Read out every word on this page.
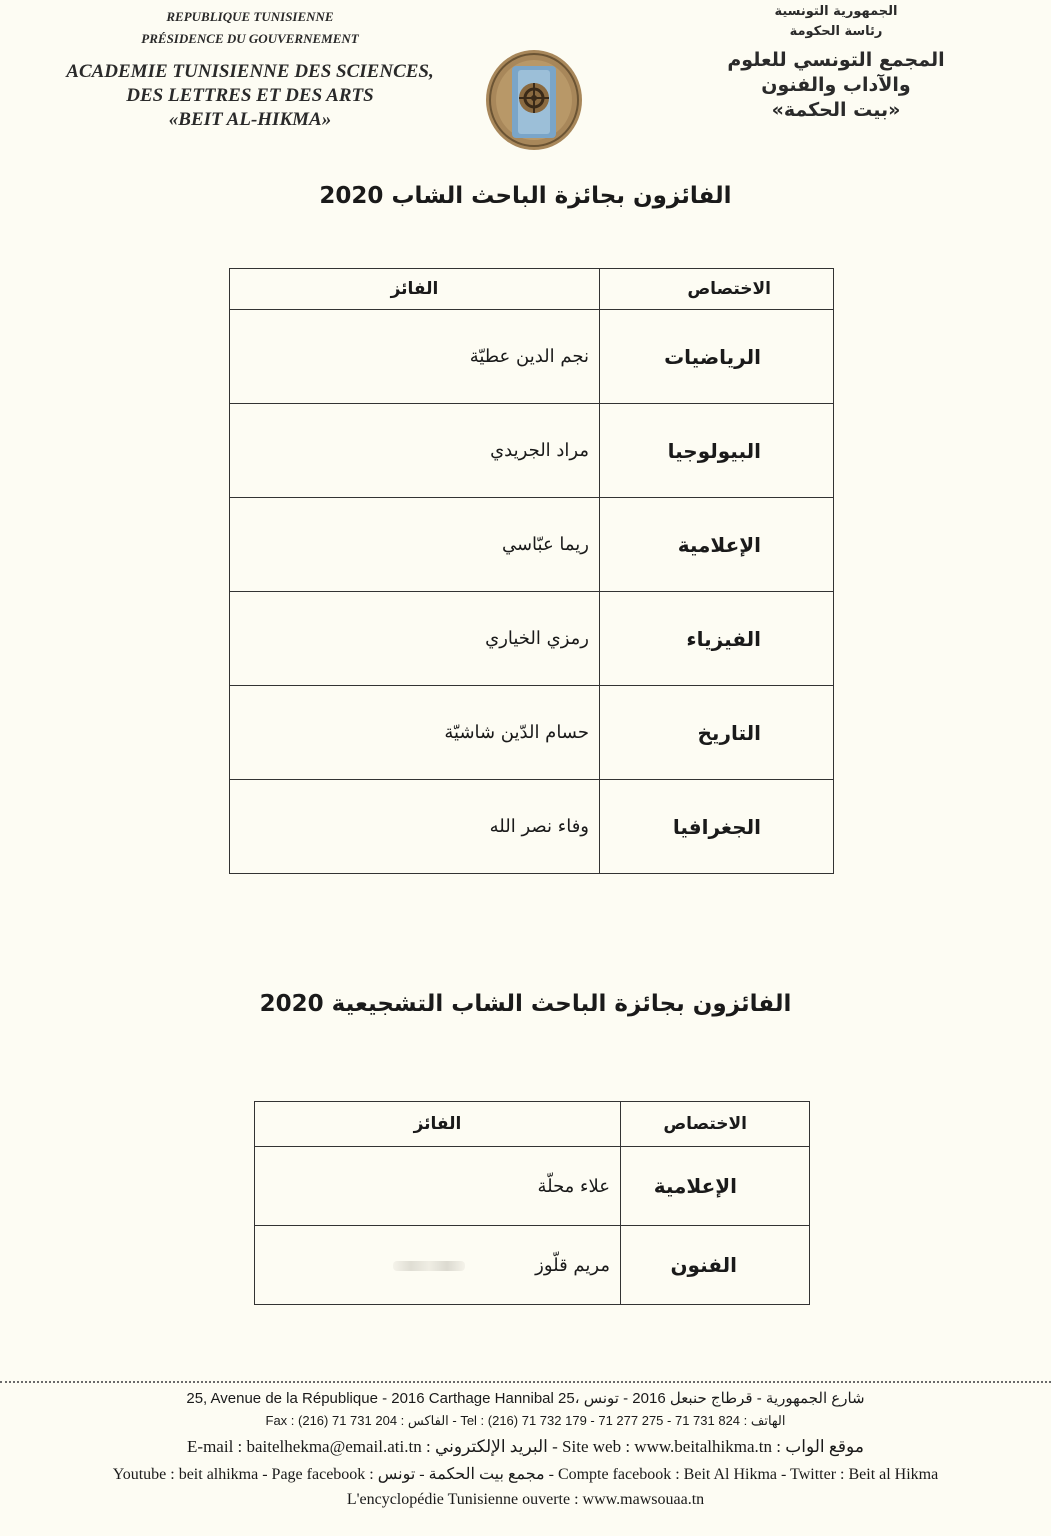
REPUBLIQUE TUNISIENNE
PRÉSIDENCE DU GOUVERNEMENT
ACADEMIE TUNISIENNE DES SCIENCES,
DES LETTRES ET DES ARTS
«BEIT AL-HIKMA»
الجمهورية التونسية
رئاسة الحكومة
المجمع التونسي للعلوم
والآداب والفنون
«بيت الحكمة»
الفائزون بجائزة الباحث الشاب 2020
الاختصاص	الفائز
الرياضيات	نجم الدين عطيّة
البيولوجيا	مراد الجريدي
الإعلامية	ريما عبّاسي
الفيزياء	رمزي الخياري
التاريخ	حسام الدّين شاشيّة
الجغرافيا	وفاء نصر الله
الفائزون بجائزة الباحث الشاب التشجيعية 2020
الاختصاص	الفائز
الإعلامية	علاء محلّة
الفنون	مريم قلّوز
25, Avenue de la République - 2016 Carthage Hannibal 25، شارع الجمهورية - قرطاج حنبعل 2016 - تونس
Fax : (216) 71 731 204 : الفاكس - Tel : (216) 71 732 179 - 71 277 275 - 71 731 824 : الهاتف
E-mail : baitelhekma@email.ati.tn : البريد الإلكتروني - Site web : www.beitalhikma.tn : موقع الواب
Youtube : beit alhikma - Page facebook : مجمع بيت الحكمة - تونس - Compte facebook : Beit Al Hikma - Twitter : Beit al Hikma
L'encyclopédie Tunisienne ouverte : www.mawsouaa.tn
